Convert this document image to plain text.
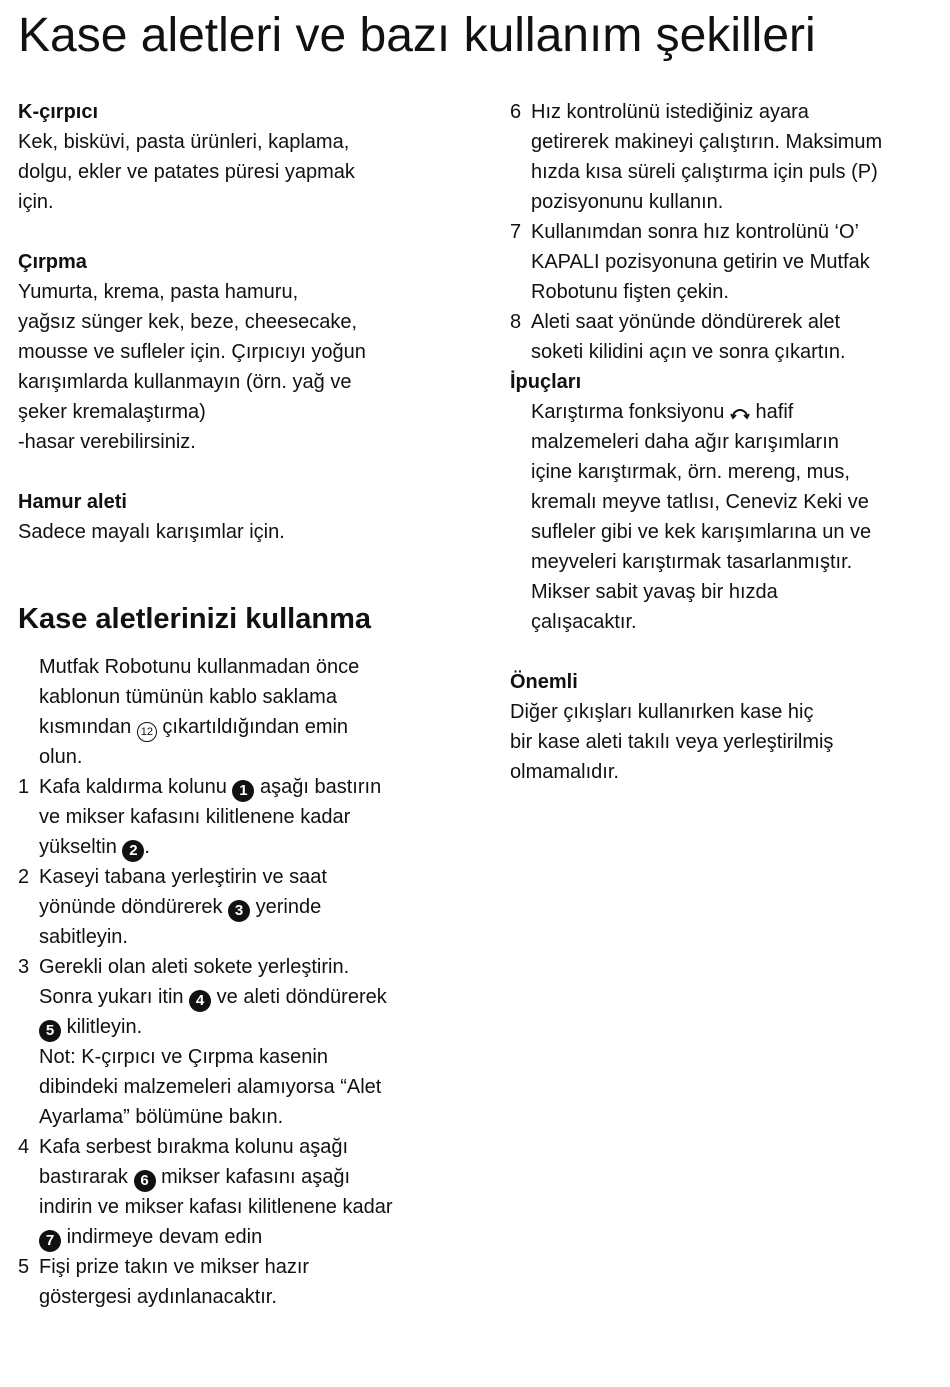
Kase aletleri ve bazı kullanım şekilleri
K-çırpıcı
Kek, bisküvi, pasta ürünleri, kaplama,
dolgu, ekler ve patates püresi yapmak
için.
Çırpma
Yumurta, krema, pasta hamuru,
yağsız sünger kek, beze, cheesecake,
mousse ve sufleler için. Çırpıcıyı yoğun
karışımlarda kullanmayın (örn. yağ ve
şeker kremalaştırma)
-hasar verebilirsiniz.
Hamur aleti
Sadece mayalı karışımlar için.
Kase aletlerinizi kullanma
Mutfak Robotunu kullanmadan önce
kablonun tümünün kablo saklama
kısmından 12 çıkartıldığından emin
olun.
1 Kafa kaldırma kolunu 1 aşağı bastırın
ve mikser kafasını kilitlenene kadar
yükseltin 2 .
2 Kaseyi tabana yerleştirin ve saat
yönünde döndürerek 3 yerinde
sabitleyin.
3 Gerekli olan aleti sokete yerleştirin.
Sonra yukarı itin 4 ve aleti döndürerek
5 kilitleyin.
Not: K-çırpıcı ve Çırpma kasenin
dibindeki malzemeleri alamıyorsa “Alet
Ayarlama” bölümüne bakın.
4 Kafa serbest bırakma kolunu aşağı
bastırarak 6 mikser kafasını aşağı
indirin ve mikser kafası kilitlenene kadar
7 indirmeye devam edin
5 Fişi prize takın ve mikser hazır
göstergesi aydınlanacaktır.
6 Hız kontrolünü istediğiniz ayara
getirerek makineyi çalıştırın. Maksimum
hızda kısa süreli çalıştırma için puls (P)
pozisyonunu kullanın.
7 Kullanımdan sonra hız kontrolünü ‘O’
KAPALI pozisyonuna getirin ve Mutfak
Robotunu fişten çekin.
8 Aleti saat yönünde döndürerek alet
soketi kilidini açın ve sonra çıkartın.
İpuçları
Karıştırma fonksiyonu hafif
malzemeleri daha ağır karışımların
içine karıştırmak, örn. mereng, mus,
kremalı meyve tatlısı, Ceneviz Keki ve
sufleler gibi ve kek karışımlarına un ve
meyveleri karıştırmak tasarlanmıştır.
Mikser sabit yavaş bir hızda
çalışacaktır.
Önemli
Diğer çıkışları kullanırken kase hiç
bir kase aleti takılı veya yerleştirilmiş
olmamalıdır.
